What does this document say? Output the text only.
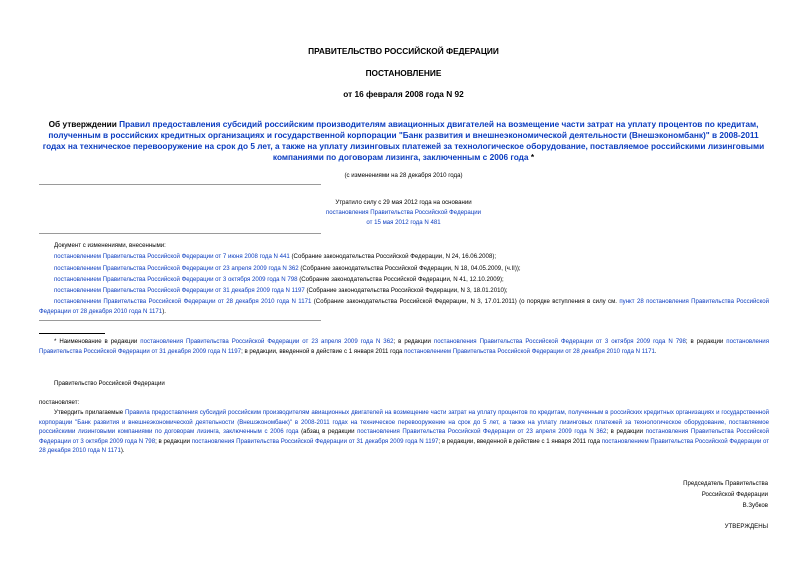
ПРАВИТЕЛЬСТВО РОССИЙСКОЙ ФЕДЕРАЦИИ
ПОСТАНОВЛЕНИЕ
от 16 февраля 2008 года N 92
Об утверждении Правил предоставления субсидий российским производителям авиационных двигателей на возмещение части затрат на уплату процентов по кредитам, полученным в российских кредитных организациях и государственной корпорации "Банк развития и внешнеэкономической деятельности (Внешэкономбанк)" в 2008-2011 годах на техническое перевооружение на срок до 5 лет, а также на уплату лизинговых платежей за технологическое оборудование, поставляемое российскими лизинговыми компаниями по договорам лизинга, заключенным с 2006 года *
(с изменениями на 28 декабря 2010 года)
Утратило силу с 29 мая 2012 года на основании
постановления Правительства Российской Федерации
от 15 мая 2012 года N 481
Документ с изменениями, внесенными:
постановлением Правительства Российской Федерации от 7 июня 2008 года N 441 (Собрание законодательства Российской Федерации, N 24, 16.06.2008);
постановлением Правительства Российской Федерации от 23 апреля 2009 года N 362 (Собрание законодательства Российской Федерации, N 18, 04.05.2009, (ч.II));
постановлением Правительства Российской Федерации от 3 октября 2009 года N 798 (Собрание законодательства Российской Федерации, N 41, 12.10.2009);
постановлением Правительства Российской Федерации от 31 декабря 2009 года N 1197 (Собрание законодательства Российской Федерации, N 3, 18.01.2010);
постановлением Правительства Российской Федерации от 28 декабря 2010 года N 1171 (Собрание законодательства Российской Федерации, N 3, 17.01.2011) (о порядке вступления в силу см. пункт 28 постановления Правительства Российской Федерации от 28 декабря 2010 года N 1171).
* Наименование в редакции постановления Правительства Российской Федерации от 23 апреля 2009 года N 362; в редакции постановления Правительства Российской Федерации от 3 октября 2009 года N 798; в редакции постановления Правительства Российской Федерации от 31 декабря 2009 года N 1197; в редакции, введенной в действие с 1 января 2011 года постановлением Правительства Российской Федерации от 28 декабря 2010 года N 1171.
Правительство Российской Федерации
постановляет:
Утвердить прилагаемые Правила предоставления субсидий российским производителям авиационных двигателей на возмещение части затрат на уплату процентов по кредитам, полученным в российских кредитных организациях и государственной корпорации "Банк развития и внешнеэкономической деятельности (Внешэкономбанк)" в 2008-2011 годах на техническое перевооружение на срок до 5 лет, а также на уплату лизинговых платежей за технологическое оборудование, поставляемое российскими лизинговыми компаниями по договорам лизинга, заключенным с 2006 года (абзац в редакции постановления Правительства Российской Федерации от 23 апреля 2009 года N 362; в редакции постановления Правительства Российской Федерации от 3 октября 2009 года N 798; в редакции постановления Правительства Российской Федерации от 31 декабря 2009 года N 1197; в редакции, введенной в действие с 1 января 2011 года постановлением Правительства Российской Федерации от 28 декабря 2010 года N 1171).
Председатель Правительства
Российской Федерации
В.Зубков
УТВЕРЖДЕНЫ
